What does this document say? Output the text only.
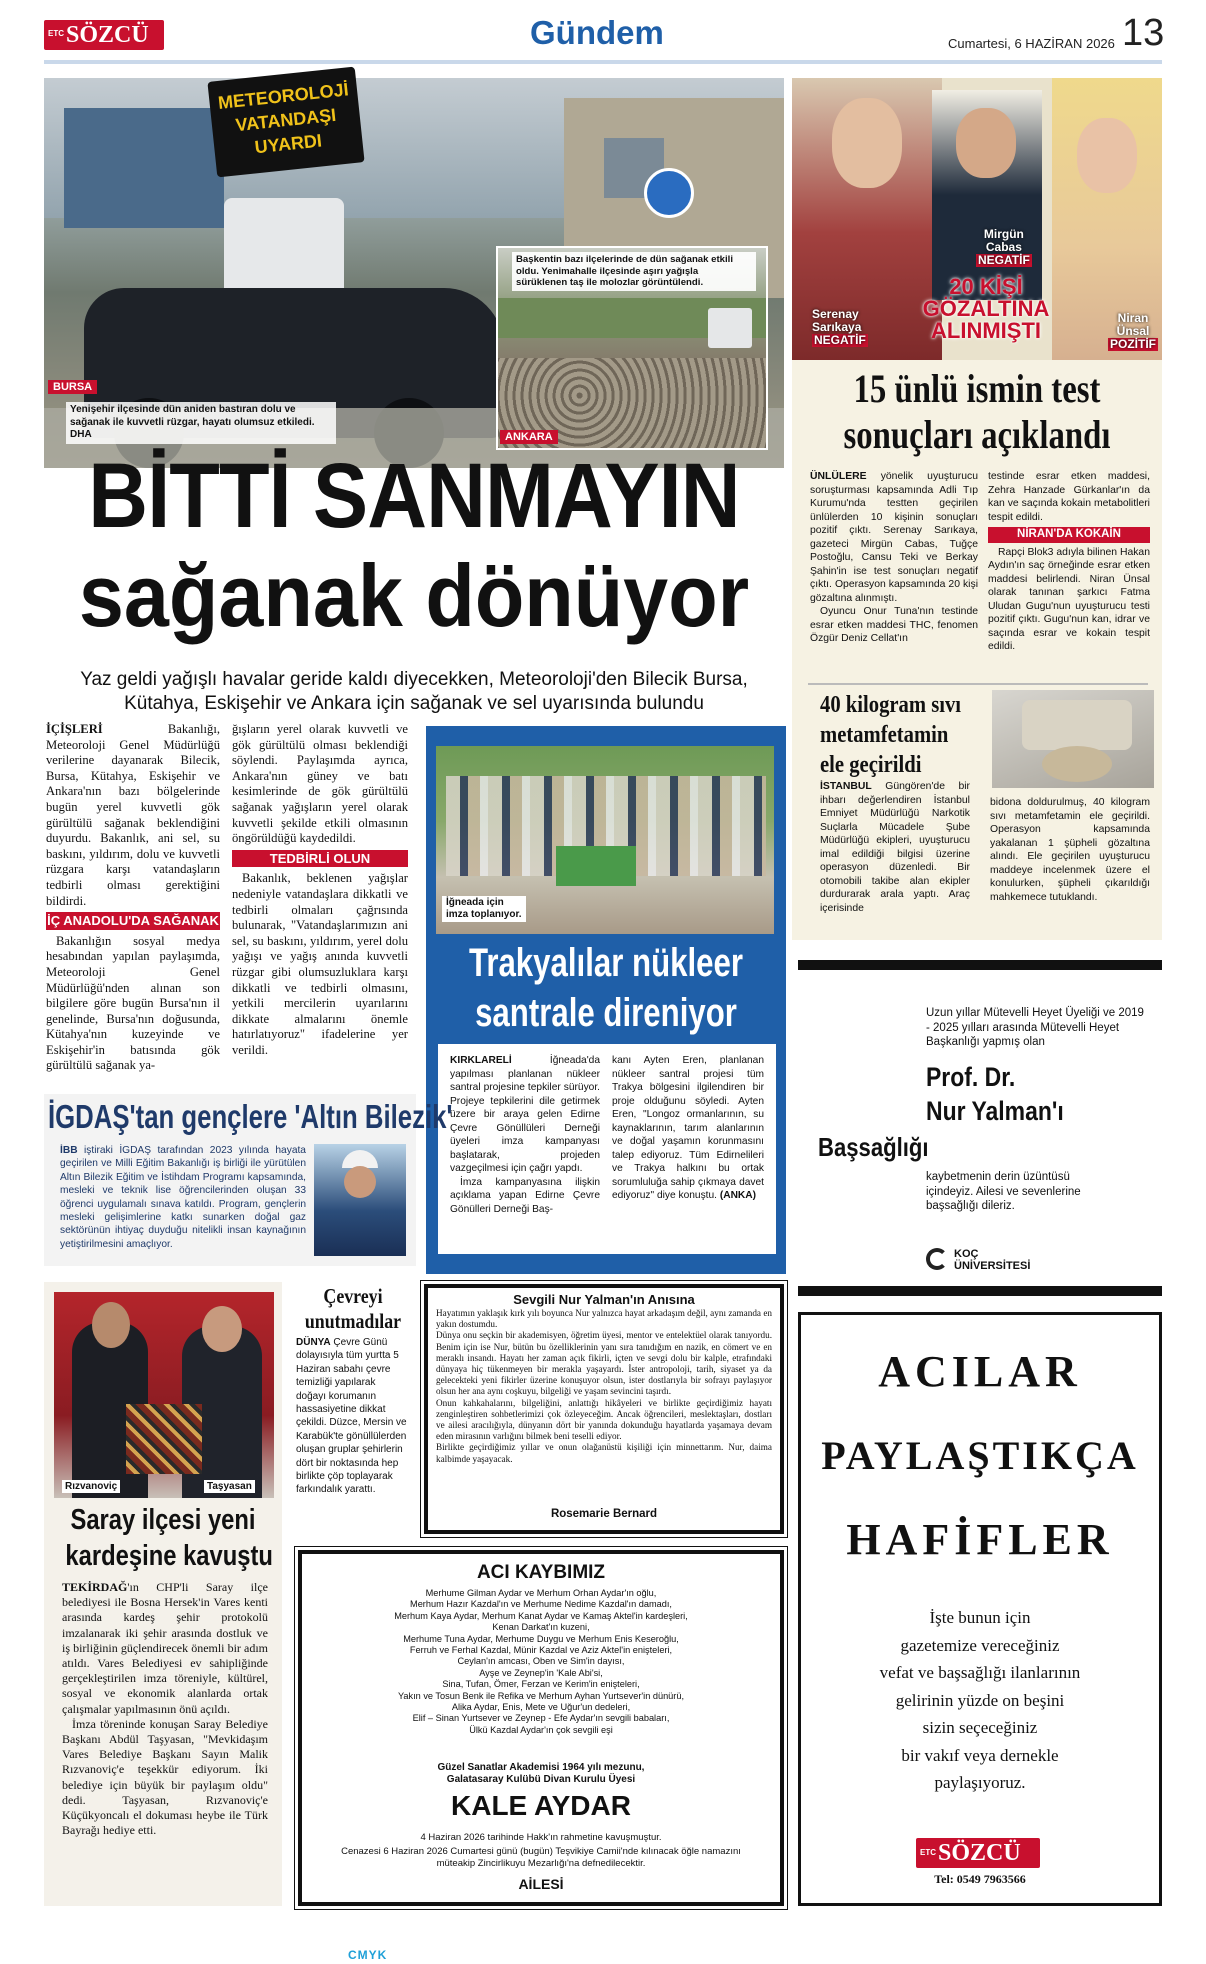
ETC SÖZCÜ	Gündem	Cumartesi, 6 HAZİRAN 2026 13
METEOROLOJİ VATANDAŞI UYARDI
BURSA
Yenişehir ilçesinde dün aniden bastıran dolu ve sağanak ile kuvvetli rüzgar, hayatı olumsuz etkiledi. DHA
Başkentin bazı ilçelerinde de dün sağanak etkili oldu. Yenimahalle ilçesinde aşırı yağışla sürüklenen taş ile molozlar görüntülendi.
ANKARA
BİTTİ SANMAYIN
sağanak dönüyor
Yaz geldi yağışlı havalar geride kaldı diyecekken, Meteoroloji'den Bilecik Bursa, Kütahya, Eskişehir ve Ankara için sağanak ve sel uyarısında bulundu

İÇİŞLERİ	Bakanlığı, Meteoroloji Genel Müdürlüğü verilerine dayanarak Bilecik, Bursa, Kütahya, Eskişehir ve Ankara'nın bazı bölgelerinde bugün yerel kuvvetli gök gürültülü sağanak beklendiğini duyurdu. Bakanlık, ani sel, su baskını, yıldırım, dolu ve kuvvetli rüzgara karşı vatandaşların tedbirli olması gerektiğini bildirdi.

İÇ ANADOLU'DA SAĞANAK

Bakanlığın sosyal medya hesabından yapılan paylaşımda, Meteoroloji Genel Müdürlüğü'nden alınan son bilgilere göre bugün Bursa'nın il genelinde, Bursa'nın doğusunda, Kütahya'nın kuzeyinde ve Eskişehir'in batısında gök gürültülü sağanak ya-

ğışların yerel olarak kuvvetli ve gök gürültülü olması beklendiği söylendi. Paylaşımda ayrıca, Ankara'nın güney ve batı kesimlerinde de gök gürültülü sağanak yağışların yerel olarak kuvvetli şekilde etkili olmasının öngörüldüğü kaydedildi.

TEDBİRLİ OLUN

Bakanlık, beklenen yağışlar nedeniyle vatandaşlara dikkatli ve tedbirli olmaları çağrısında bulunarak, "Vatandaşlarımızın ani sel, su baskını, yıldırım, yerel dolu yağışı ve yağış anında kuvvetli rüzgar gibi olumsuzluklara karşı dikkatli ve tedbirli olmasını, yetkili mercilerin uyarılarını dikkate almalarını önemle hatırlatıyoruz" ifadelerine yer verildi.

Serenay
Sarıkaya
NEGATİF
Mirgün
Cabas
NEGATİF
Niran
Ünsal
POZİTİF
20 KİŞİ
GÖZALTINA
ALINMIŞTI
15 ünlü ismin test
sonuçları açıklandı

ÜNLÜLERE yönelik uyuşturucu soruşturması kapsamında Adli Tıp Kurumu'nda testten geçirilen ünlülerden 10 kişinin sonuçları pozitif çıktı. Serenay Sarıkaya, gazeteci Mirgün Cabas, Tuğçe Postoğlu, Cansu Teki ve Berkay Şahin'in ise test sonuçları negatif çıktı. Operasyon kapsamında 20 kişi gözaltına alınmıştı.

Oyuncu Onur Tuna'nın testinde esrar etken maddesi THC, fenomen Özgür Deniz Cellat'ın

testinde esrar etken maddesi, Zehra Hanzade Gürkanlar'ın da kan ve saçında kokain metabolitleri tespit edildi.

NİRAN'DA KOKAİN

Rapçi Blok3 adıyla bilinen Hakan Aydın'ın saç örneğinde esrar etken maddesi belirlendi. Niran Ünsal olarak tanınan şarkıcı Fatma Uludan Gugu'nun uyuşturucu testi pozitif çıktı. Gugu'nun kan, idrar ve saçında esrar ve kokain tespit edildi.

40 kilogram sıvı
metamfetamin
ele geçirildi
İSTANBUL Güngören'de bir ihbarı değerlendiren İstanbul Emniyet Müdürlüğü Narkotik Suçlarla Mücadele Şube Müdürlüğü ekipleri, uyuşturucu imal edildiği bilgisi üzerine operasyon düzenledi. Bir otomobili takibe alan ekipler durdurarak arala yaptı. Araç içerisinde
bidona doldurulmuş, 40 kilogram sıvı metamfetamin ele geçirildi. Operasyon kapsamında yakalanan 1 şüpheli gözaltına alındı. Ele geçirilen uyuşturucu maddeye incelenmek üzere el konulurken, şüpheli çıkarıldığı mahkemece tutuklandı.
İğneada için
imza toplanıyor.
Trakyalılar nükleer
santrale direniyor

KIRKLARELİ	İğneada'da yapılması planlanan nükleer santral projesine tepkiler sürüyor. Projeye tepkilerini dile getirmek üzere bir araya gelen Edirne Çevre Gönüllüleri Derneği üyeleri imza kampanyası başlatarak, projeden vazgeçilmesi için çağrı yapdı.

İmza kampanyasına ilişkin açıklama yapan Edirne Çevre Gönülleri Derneği Baş-

kanı Ayten Eren, planlanan nükleer santral projesi tüm Trakya bölgesini ilgilendiren bir proje olduğunu söyledi. Ayten Eren, "Longoz ormanlarının, su kaynaklarının, tarım alanlarının ve doğal yaşamın korunmasını talep ediyoruz. Tüm Edirnelileri ve Trakya halkını bu ortak sorumluluğa sahip çıkmaya davet ediyoruz" diye konuştu. (ANKA)
İGDAŞ'tan gençlere 'Altın Bilezik'
İBB iştiraki İGDAŞ tarafından 2023 yılında hayata geçirilen ve Milli Eğitim Bakanlığı iş birliği ile yürütülen Altın Bilezik Eğitim ve İstihdam Programı kapsamında, mesleki ve teknik lise öğrencilerinden oluşan 33 öğrenci uygulamalı sınava katıldı. Program, gençlerin mesleki gelişimlerine katkı sunarken doğal gaz sektörünün ihtiyaç duyduğu nitelikli insan kaynağının yetiştirilmesini amaçlıyor.
Uzun yıllar Mütevelli Heyet Üyeliği ve 2019 - 2025 yılları arasında Mütevelli Heyet Başkanlığı yapmış olan
Prof. Dr.
Nur Yalman'ı
Başsağlığı
kaybetmenin derin üzüntüsü içindeyiz. Ailesi ve sevenlerine başsağlığı dileriz.
KOÇ
ÜNİVERSİTESİ
Rızvanoviç	Taşyasan
Saray ilçesi yeni
kardeşine kavuştu

TEKİRDAĞ'ın CHP'li Saray ilçe belediyesi ile Bosna Hersek'in Vares kenti arasında kardeş şehir protokolü imzalanarak iki şehir arasında dostluk ve iş birliğinin güçlendirecek önemli bir adım atıldı. Vares Belediyesi ev sahipliğinde gerçekleştirilen imza töreniyle, kültürel, sosyal ve ekonomik alanlarda ortak çalışmalar yapılmasının önü açıldı.

İmza töreninde konuşan Saray Belediye Başkanı Abdül Taşyasan, "Mevkidaşım Vares Belediye Başkanı Sayın Malik Rızvanoviç'e teşekkür ediyorum. İki belediye için büyük bir paylaşım oldu" dedi. Taşyasan, Rızvanoviç'e Küçükyoncalı el dokuması heybe ile Türk Bayrağı hediye etti.

Çevreyi
unutmadılar
DÜNYA Çevre Günü dolayısıyla tüm yurtta 5 Haziran sabahı çevre temizliği yapılarak doğayı korumanın hassasiyetine dikkat çekildi. Düzce, Mersin ve Karabük'te gönüllülerden oluşan gruplar şehirlerin dört bir noktasında hep birlikte çöp toplayarak farkındalık yarattı.
Sevgili Nur Yalman'ın Anısına

Hayatımın yaklaşık kırk yılı boyunca Nur yalnızca hayat arkadaşım değil, aynı zamanda en yakın dostumdu.

Dünya onu seçkin bir akademisyen, öğretim üyesi, mentor ve entelektüel olarak tanıyordu. Benim için ise Nur, bütün bu özelliklerinin yanı sıra tanıdığım en nazik, en cömert ve en meraklı insandı. Hayatı her zaman açık fikirli, içten ve sevgi dolu bir kalple, etrafındaki dünyaya hiç tükenmeyen bir merakla yaşayardı. İster antropoloji, tarih, siyaset ya da gelecekteki yeni fikirler üzerine konuşuyor olsun, ister dostlarıyla bir sofrayı paylaşıyor olsun her ana aynı coşkuyu, bilgeliği ve yaşam sevincini taşırdı.

Onun kahkahalarını, bilgeliğini, anlattığı hikâyeleri ve birlikte geçirdiğimiz hayatı zenginleştiren sohbetlerimizi çok özleyeceğim. Ancak öğrencileri, meslektaşları, dostları ve ailesi aracılığıyla, dünyanın dört bir yanında dokunduğu hayatlarda yaşamaya devam eden mirasının varlığını bilmek beni teselli ediyor.

Birlikte geçirdiğimiz yıllar ve onun olağanüstü kişiliği için minnettarım. Nur, daima kalbimde yaşayacak.

Rosemarie Bernard
ACI KAYBIMIZ
Merhume Gilman Aydar ve Merhum Orhan Aydar'ın oğlu,
Merhum Hazır Kazdal'ın ve Merhume Nedime Kazdal'ın damadı,
Merhum Kaya Aydar, Merhum Kanat Aydar ve Kamaş Aktel'in kardeşleri,
Kenan Darkat'ın kuzeni,
Merhume Tuna Aydar, Merhume Duygu ve Merhum Enis Keseroğlu,
Ferruh ve Ferhal Kazdal, Münir Kazdal ve Aziz Aktel'in enişteleri,
Ceylan'ın amcası, Oben ve Sim'in dayısı,
Ayşe ve Zeynep'in 'Kale Abi'si,
Sina, Tufan, Ömer, Ferzan ve Kerim'in enişteleri,
Yakın ve Tosun Benk ile Refika ve Merhum Ayhan Yurtsever'in dünürü,
Alika Aydar, Enis, Mete ve Uğur'un dedeleri,
Elif – Sinan Yurtsever ve Zeynep - Efe Aydar'ın sevgili babaları,
Ülkü Kazdal Aydar'ın çok sevgili eşi
Güzel Sanatlar Akademisi 1964 yılı mezunu,
Galatasaray Kulübü Divan Kurulu Üyesi
KALE AYDAR
4 Haziran 2026 tarihinde Hakk'ın rahmetine kavuşmuştur.
Cenazesi 6 Haziran 2026 Cumartesi günü (bugün) Teşvikiye Camii'nde kılınacak öğle namazını müteakip Zincirlikuyu Mezarlığı'na defnedilecektir.
AİLESİ
ACILAR
PAYLAŞTIKÇA
HAFİFLER
İşte bunun için
gazetemize vereceğiniz
vefat ve başsağlığı ilanlarının
gelirinin yüzde on beşini
sizin seçeceğiniz
bir vakıf veya dernekle
paylaşıyoruz.
ETC SÖZCÜ
Tel: 0549 7963566
CMYK
